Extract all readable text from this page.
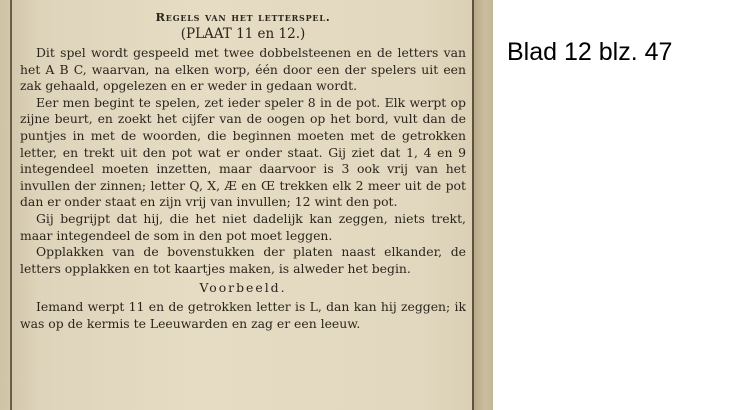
Regels van het letterspel.
(PLAAT 11 en 12.)

Dit spel wordt gespeeld met twee dobbelsteenen en de letters van het A B C, waarvan, na elken worp, één door een der spelers uit een zak gehaald, opgelezen en er weder in gedaan wordt.

Eer men begint te spelen, zet ieder speler 8 in de pot. Elk werpt op zijne beurt, en zoekt het cijfer van de oogen op het bord, vult dan de puntjes in met de woorden, die beginnen moeten met de getrokken letter, en trekt uit den pot wat er onder staat. Gij ziet dat 1, 4 en 9 integendeel moeten inzetten, maar daarvoor is 3 ook vrij van het invullen der zinnen; letter Q, X, Æ en Œ trekken elk 2 meer uit de pot dan er onder staat en zijn vrij van invullen; 12 wint den pot.

Gij begrijpt dat hij, die het niet dadelijk kan zeggen, niets trekt, maar integendeel de som in den pot moet leggen.

Opplakken van de bovenstukken der platen naast elkander, de letters opplakken en tot kaartjes maken, is alweder het begin.

Voorbeeld.

Iemand werpt 11 en de getrokken letter is L, dan kan hij zeggen; ik was op de kermis te Leeuwarden en zag er een leeuw.

Blad 12 blz. 47
